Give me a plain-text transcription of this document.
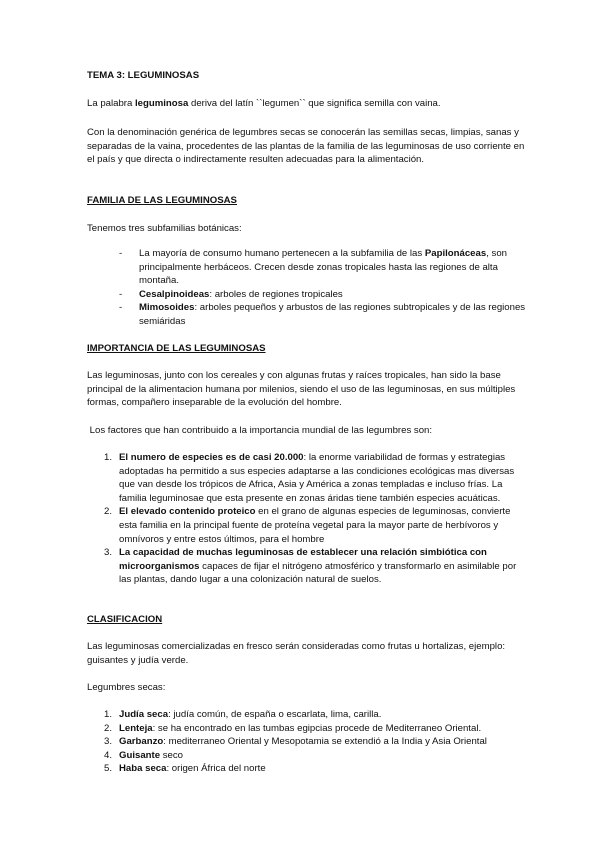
TEMA 3: LEGUMINOSAS

La palabra leguminosa deriva del latín ``legumen`` que significa semilla con vaina.

Con la denominación genérica de legumbres secas se conocerán las semillas secas, limpias, sanas y separadas de la vaina, procedentes de las plantas de la familia de las leguminosas de uso corriente en el país y que directa o indirectamente resulten adecuadas para la alimentación.

FAMILIA DE LAS LEGUMINOSAS

Tenemos tres subfamilias botánicas:

- La mayoría de consumo humano pertenecen a la subfamilia de las Papilonáceas, son principalmente herbáceos. Crecen desde zonas tropicales hasta las regiones de alta montaña.
- Cesalpinoideas: arboles de regiones tropicales
- Mimosoides: arboles pequeños y arbustos de las regiones subtropicales y de las regiones semiáridas

IMPORTANCIA DE LAS LEGUMINOSAS

Las leguminosas, junto con los cereales y con algunas frutas y raíces tropicales, han sido la base principal de la alimentacion humana por milenios, siendo el uso de las leguminosas, en sus múltiples formas, compañero inseparable de la evolución del hombre.

Los factores que han contribuido a la importancia mundial de las legumbres son:

1. El numero de especies es de casi 20.000: la enorme variabilidad de formas y estrategias adoptadas ha permitido a sus especies adaptarse a las condiciones ecológicas mas diversas que van desde los trópicos de Africa, Asia y América a zonas templadas e incluso frías. La familia leguminosae que esta presente en zonas áridas tiene también especies acuáticas.
2. El elevado contenido proteico en el grano de algunas especies de leguminosas, convierte esta familia en la principal fuente de proteína vegetal para la mayor parte de herbívoros y omnívoros y entre estos últimos, para el hombre
3. La capacidad de muchas leguminosas de establecer una relación simbiótica con microorganismos capaces de fijar el nitrógeno atmosférico y transformarlo en asimilable por las plantas, dando lugar a una colonización natural de suelos.

CLASIFICACION

Las leguminosas comercializadas en fresco serán consideradas como frutas u hortalizas, ejemplo: guisantes y judía verde.

Legumbres secas:

1. Judía seca: judía común, de españa o escarlata, lima, carilla.
2. Lenteja: se ha encontrado en las tumbas egipcias procede de Mediterraneo Oriental.
3. Garbanzo: mediterraneo Oriental y Mesopotamia se extendió a la India y Asia Oriental
4. Guisante seco
5. Haba seca: origen África del norte
